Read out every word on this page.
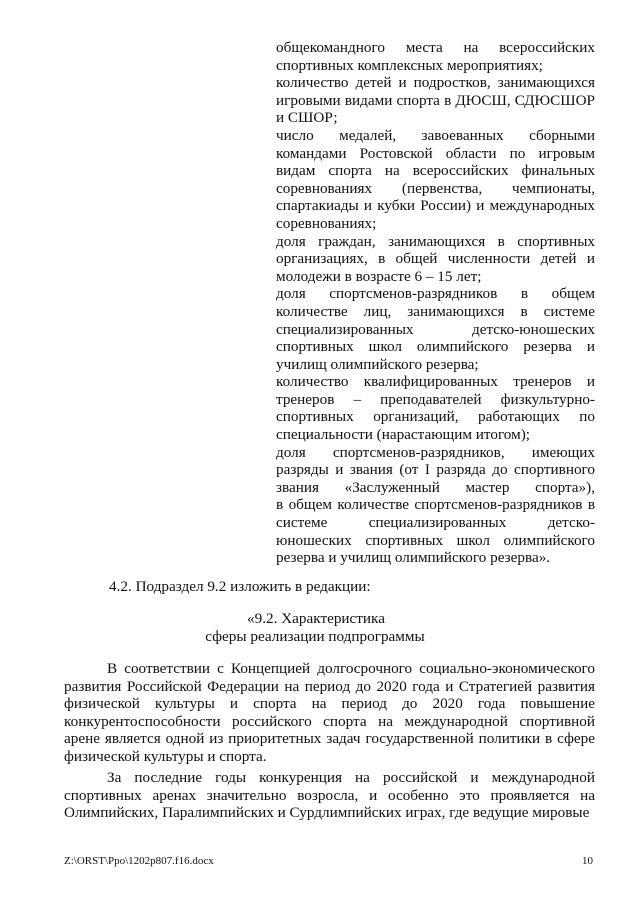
общекомандного места на всероссийских спортивных комплексных мероприятиях;
количество детей и подростков, занимающихся игровыми видами спорта в ДЮСШ, СДЮСШОР и СШОР;
число медалей, завоеванных сборными командами Ростовской области по игровым видам спорта на всероссийских финальных соревнованиях (первенства, чемпионаты, спартакиады и кубки России) и международных соревнованиях;
доля граждан, занимающихся в спортивных организациях, в общей численности детей и молодежи в возрасте 6 – 15 лет;
доля спортсменов-разрядников в общем количестве лиц, занимающихся в системе специализированных детско-юношеских спортивных школ олимпийского резерва и училищ олимпийского резерва;
количество квалифицированных тренеров и тренеров – преподавателей физкультурно-спортивных организаций, работающих по специальности (нарастающим итогом);
доля спортсменов-разрядников, имеющих разряды и звания (от I разряда до спортивного звания «Заслуженный мастер спорта»),
в общем количестве спортсменов-разрядников в системе специализированных детско-юношеских спортивных школ олимпийского резерва и училищ олимпийского резерва».
4.2. Подраздел 9.2 изложить в редакции:
«9.2. Характеристика
сферы реализации подпрограммы

В соответствии с Концепцией долгосрочного социально-экономического развития Российской Федерации на период до 2020 года и Стратегией развития физической культуры и спорта на период до 2020 года повышение конкурентоспособности российского спорта на международной спортивной арене является одной из приоритетных задач государственной политики в сфере физической культуры и спорта.

За последние годы конкуренция на российской и международной спортивных аренах значительно возросла, и особенно это проявляется на Олимпийских, Паралимпийских и Сурдлимпийских играх, где ведущие мировые

Z:\ORST\Ppo\1202p807.f16.docx	10
